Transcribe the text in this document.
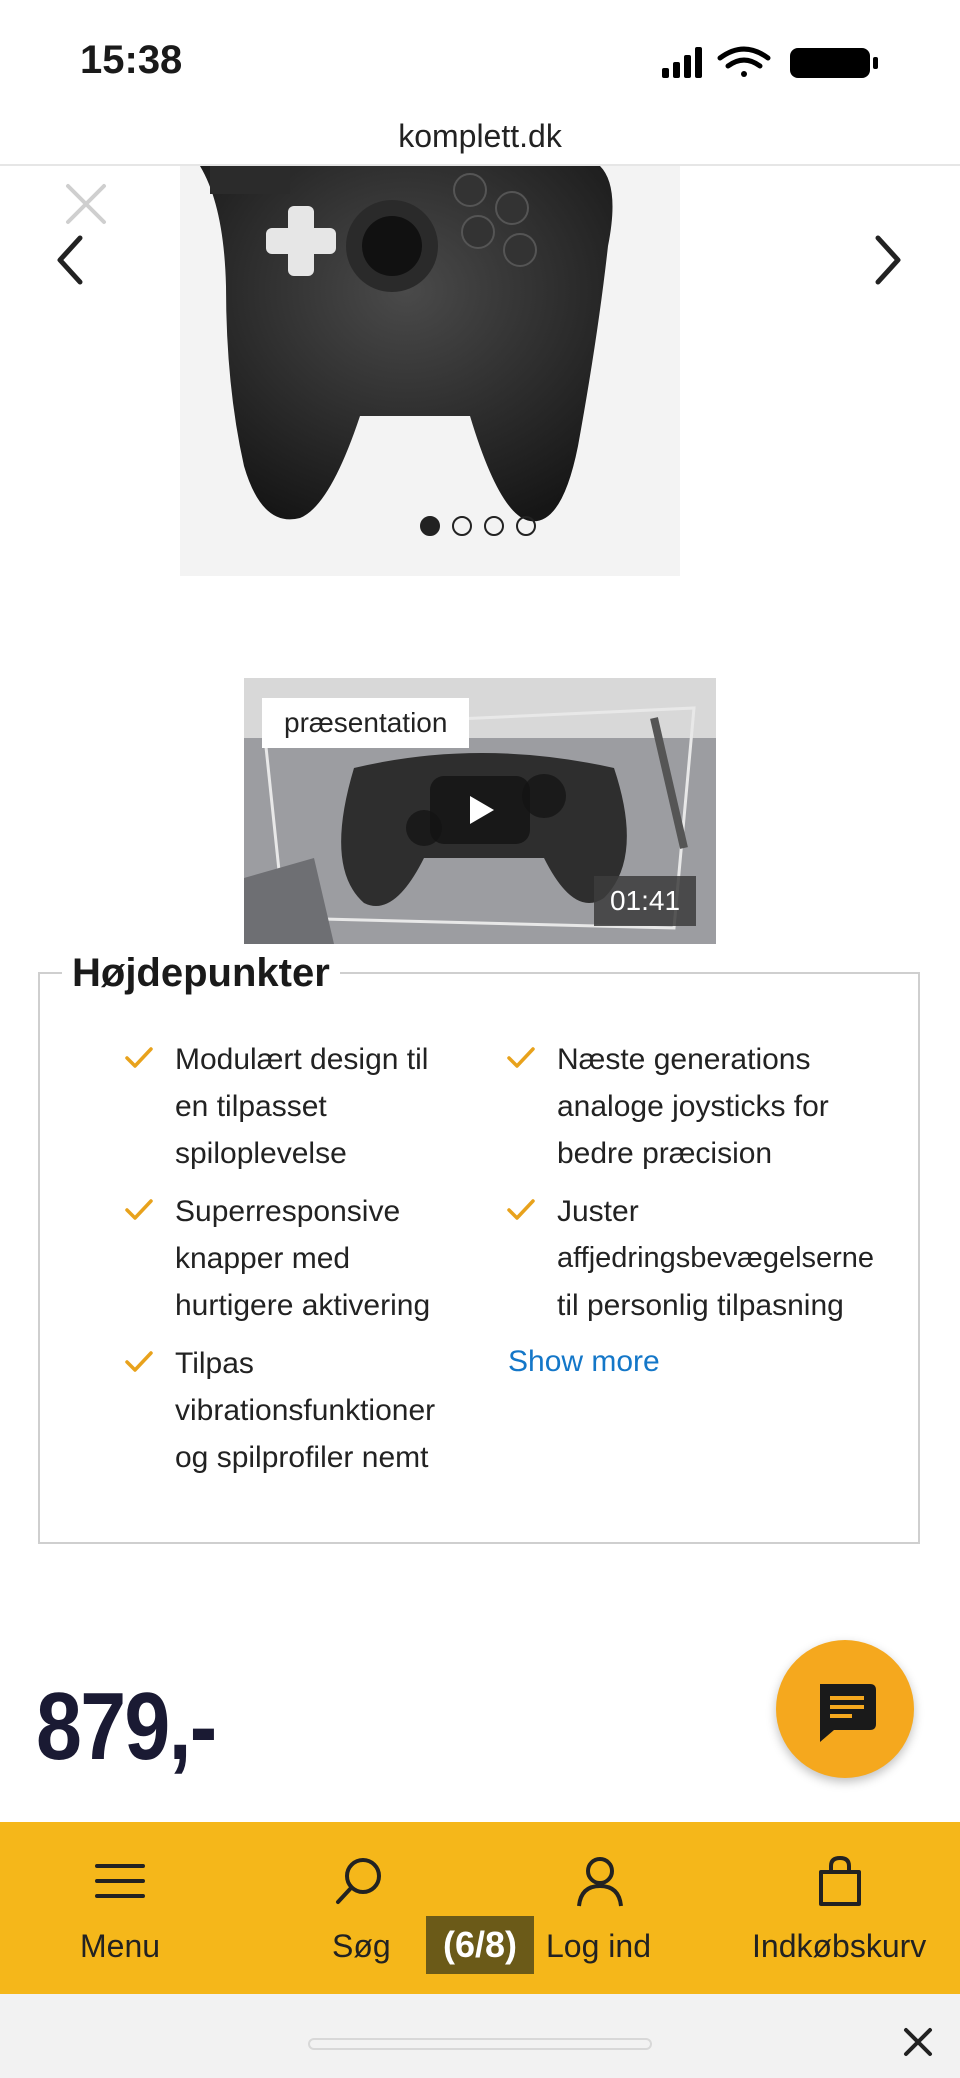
15:38
komplett.dk
præsentation
01:41
Højdepunkter
Modulært design til
en tilpasset
spiloplevelse
Superresponsive
knapper med
hurtigere aktivering
Tilpas
vibrationsfunktioner
og spilprofiler nemt
Næste generations
analoge joysticks for
bedre præcision
Juster
affjedringsbevægelserne
til personlig tilpasning
Show more
879,-
Menu	Søg	Log ind	Indkøbskurv
(6/8)
